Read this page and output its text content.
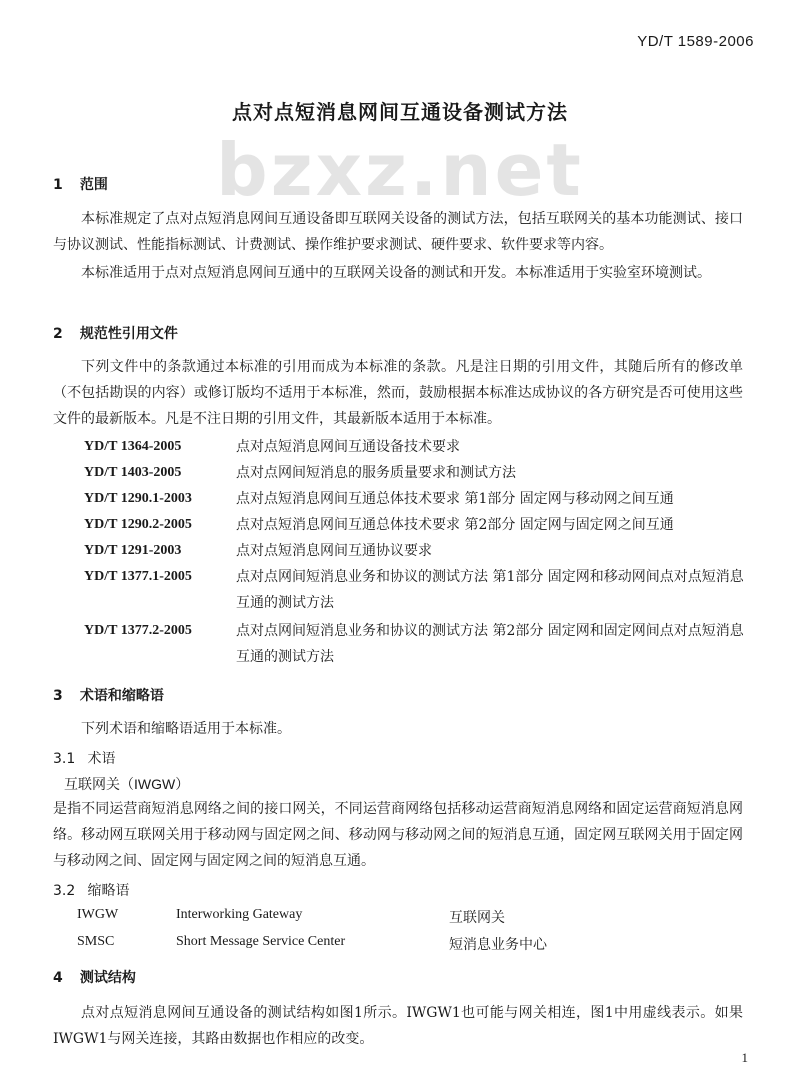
YD/T 1589-2006
bzxz.net
点对点短消息网间互通设备测试方法
1 范围
本标准规定了点对点短消息网间互通设备即互联网关设备的测试方法，包括互联网关的基本功能测试、接口与协议测试、性能指标测试、计费测试、操作维护要求测试、硬件要求、软件要求等内容。
本标准适用于点对点短消息网间互通中的互联网关设备的测试和开发。本标准适用于实验室环境测试。
2 规范性引用文件
下列文件中的条款通过本标准的引用而成为本标准的条款。凡是注日期的引用文件，其随后所有的修改单（不包括勘误的内容）或修订版均不适用于本标准，然而，鼓励根据本标准达成协议的各方研究是否可使用这些文件的最新版本。凡是不注日期的引用文件，其最新版本适用于本标准。
YD/T 1364-2005	点对点短消息网间互通设备技术要求
YD/T 1403-2005	点对点网间短消息的服务质量要求和测试方法
YD/T 1290.1-2003	点对点短消息网间互通总体技术要求 第1部分 固定网与移动网之间互通
YD/T 1290.2-2005	点对点短消息网间互通总体技术要求 第2部分 固定网与固定网之间互通
YD/T 1291-2003	点对点短消息网间互通协议要求
YD/T 1377.1-2005	点对点网间短消息业务和协议的测试方法 第1部分 固定网和移动网间点对点短消息互通的测试方法
YD/T 1377.2-2005	点对点网间短消息业务和协议的测试方法 第2部分 固定网和固定网间点对点短消息互通的测试方法
3 术语和缩略语
下列术语和缩略语适用于本标准。
3.1 术语
互联网关（IWGW）
是指不同运营商短消息网络之间的接口网关，不同运营商网络包括移动运营商短消息网络和固定运营商短消息网络。移动网互联网关用于移动网与固定网之间、移动网与移动网之间的短消息互通，固定网互联网关用于固定网与移动网之间、固定网与固定网之间的短消息互通。
3.2 缩略语
IWGW	Interworking Gateway	互联网关
SMSC	Short Message Service Center	短消息业务中心
4 测试结构
点对点短消息网间互通设备的测试结构如图1所示。IWGW1也可能与网关相连，图1中用虚线表示。如果IWGW1与网关连接，其路由数据也作相应的改变。
1
